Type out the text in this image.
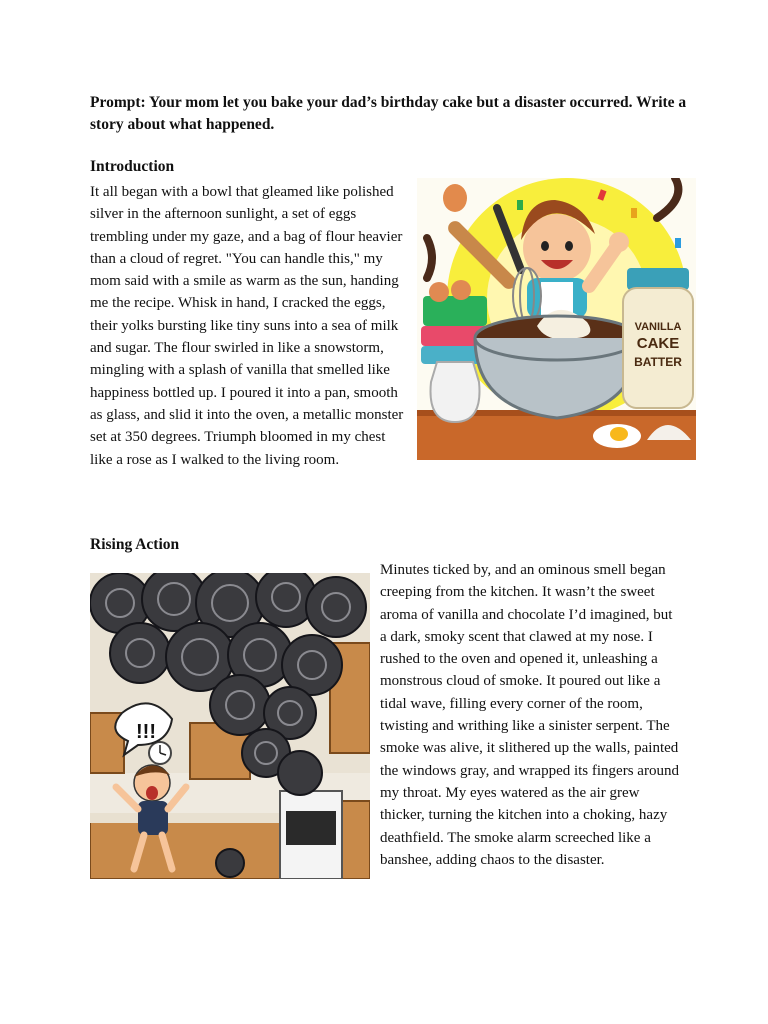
Prompt: Your mom let you bake your dad’s birthday cake but a disaster occurred. Write a story about what happened.
Introduction
It all began with a bowl that gleamed like polished silver in the afternoon sunlight, a set of eggs trembling under my gaze, and a bag of flour heavier than a cloud of regret. "You can handle this," my mom said with a smile as warm as the sun, handing me the recipe. Whisk in hand, I cracked the eggs, their yolks bursting like tiny suns into a sea of milk and sugar. The flour swirled in like a snowstorm, mingling with a splash of vanilla that smelled like happiness bottled up. I poured it into a pan, smooth as glass, and slid it into the oven, a metallic monster set at 350 degrees. Triumph bloomed in my chest like a rose as I walked to the living room.
VANILLA
CAKE
BATTER
Rising Action
!!!
Minutes ticked by, and an ominous smell began creeping from the kitchen. It wasn’t the sweet aroma of vanilla and chocolate I’d imagined, but a dark, smoky scent that clawed at my nose. I rushed to the oven and opened it, unleashing a monstrous cloud of smoke. It poured out like a tidal wave, filling every corner of the room, twisting and writhing like a sinister serpent. The smoke was alive, it slithered up the walls, painted the windows gray, and wrapped its fingers around my throat. My eyes watered as the air grew thicker, turning the kitchen into a choking, hazy deathfield. The smoke alarm screeched like a banshee, adding chaos to the disaster.
